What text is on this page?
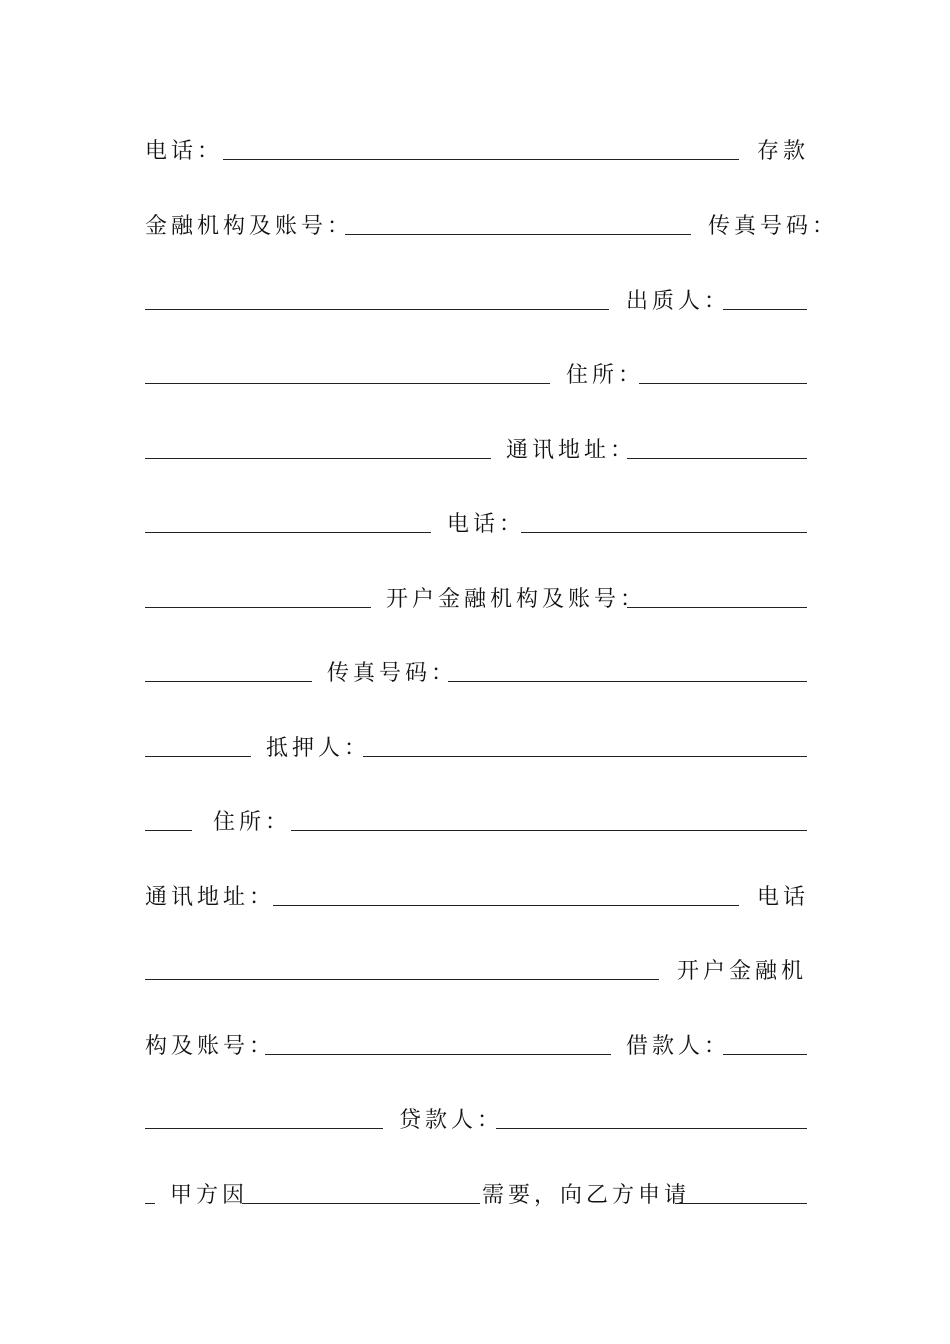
电话：	存款
金融机构及账号：	传真号码：
出质人：
住所：
通讯地址：
电话：
开户金融机构及账号：
传真号码：
抵押人：
住所：
通讯地址：	电话
开户金融机
构及账号：	借款人：
贷款人：
甲方因	需要，向乙方申请
